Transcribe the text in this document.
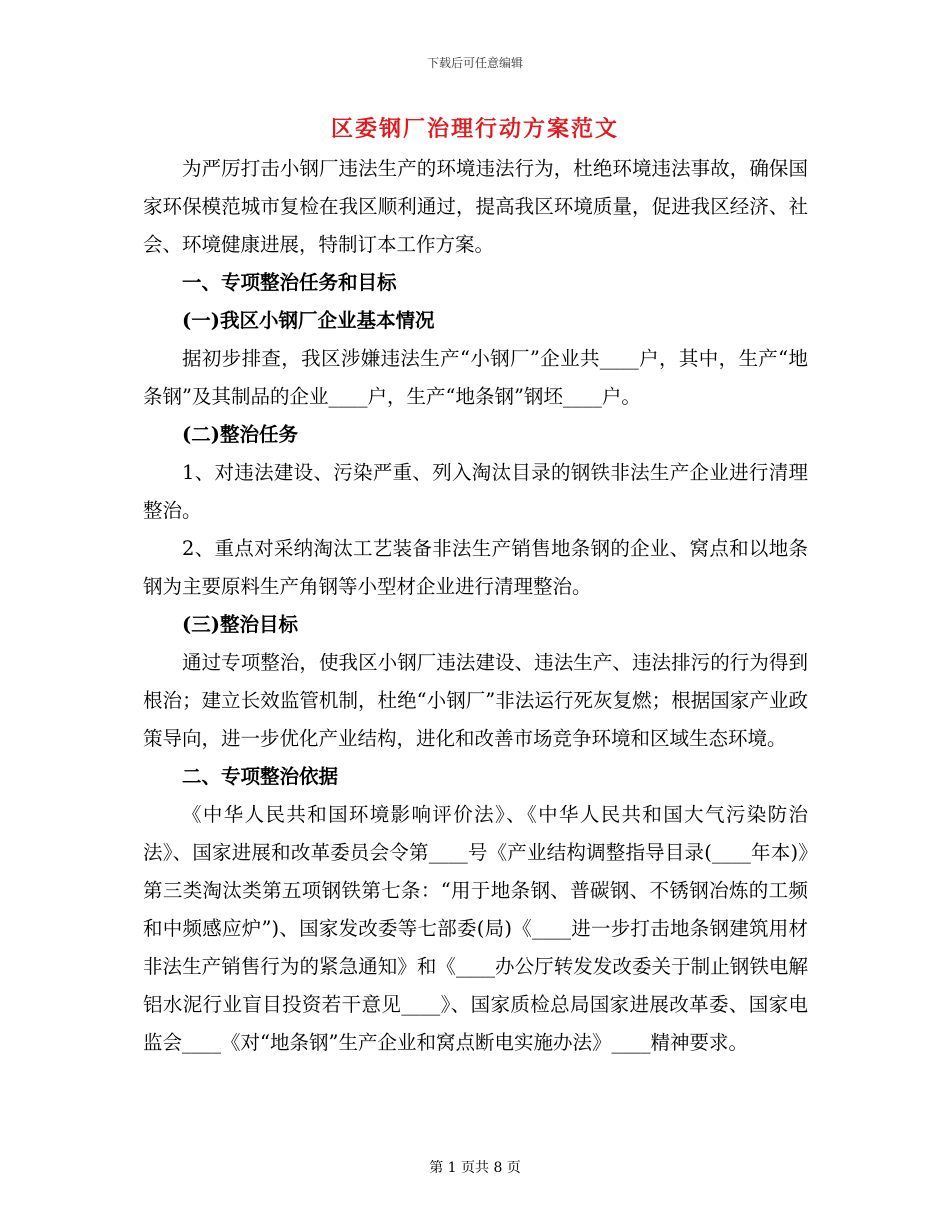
下载后可任意编辑
区委钢厂治理行动方案范文

为严厉打击小钢厂违法生产的环境违法行为，杜绝环境违法事故，确保国家环保模范城市复检在我区顺利通过，提高我区环境质量，促进我区经济、社会、环境健康进展，特制订本工作方案。

一、专项整治任务和目标
(一)我区小钢厂企业基本情况

据初步排查，我区涉嫌违法生产“小钢厂”企业共____户，其中，生产“地条钢”及其制品的企业____户，生产“地条钢”钢坯____户。

(二)整治任务

1、对违法建设、污染严重、列入淘汰目录的钢铁非法生产企业进行清理整治。

2、重点对采纳淘汰工艺装备非法生产销售地条钢的企业、窝点和以地条钢为主要原料生产角钢等小型材企业进行清理整治。

(三)整治目标

通过专项整治，使我区小钢厂违法建设、违法生产、违法排污的行为得到根治；建立长效监管机制，杜绝“小钢厂”非法运行死灰复燃；根据国家产业政策导向，进一步优化产业结构，进化和改善市场竞争环境和区域生态环境。

二、专项整治依据

《中华人民共和国环境影响评价法》、《中华人民共和国大气污染防治法》、国家进展和改革委员会令第____号《产业结构调整指导目录(____年本)》第三类淘汰类第五项钢铁第七条：“用于地条钢、普碳钢、不锈钢冶炼的工频和中频感应炉”)、国家发改委等七部委(局)《____进一步打击地条钢建筑用材非法生产销售行为的紧急通知》和《____办公厅转发发改委关于制止钢铁电解铝水泥行业盲目投资若干意见____》、国家质检总局国家进展改革委、国家电监会____《对“地条钢”生产企业和窝点断电实施办法》____精神要求。

第 1 页共 8 页
